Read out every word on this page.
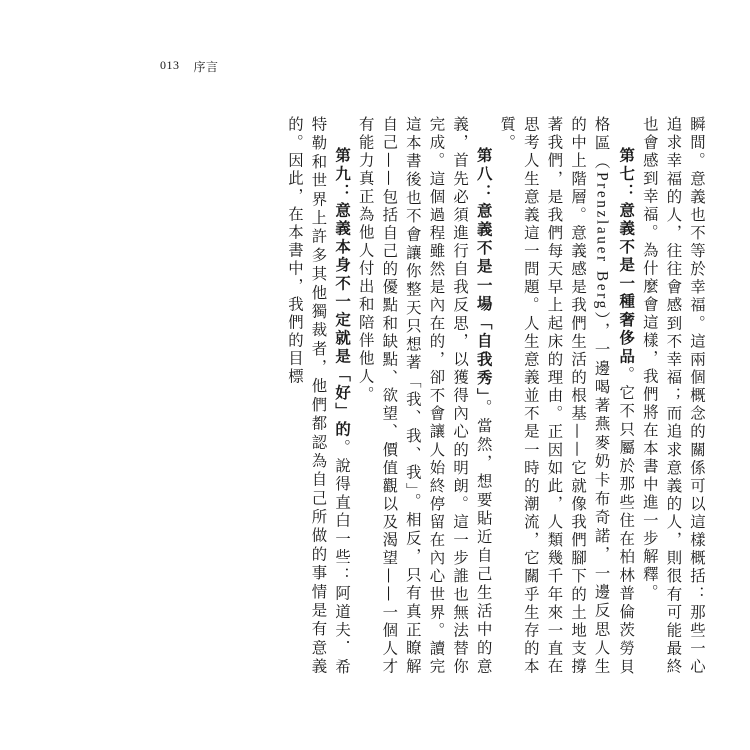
013 序言

瞬間。意義也不等於幸福。這兩個概念的關係可以這樣概括：那些一心追求幸福的人，往往會感到不幸福；而追求意義的人，則很有可能最終也會感到幸福。為什麼會這樣，我們將在本書中進一步解釋。

第七：意義不是一種奢侈品。它不只屬於那些住在柏林普倫茨勞貝格區（Prenzlauer Berg），一邊喝著燕麥奶卡布奇諾，一邊反思人生的中上階層。意義感是我們生活的根基——它就像我們腳下的土地支撐著我們，是我們每天早上起床的理由。正因如此，人類幾千年來一直在思考人生意義這一問題。人生意義並不是一時的潮流，它關乎生存的本質。

第八：意義不是一場「自我秀」。當然，想要貼近自己生活中的意義，首先必須進行自我反思，以獲得內心的明朗。這一步誰也無法替你完成。這個過程雖然是內在的，卻不會讓人始終停留在內心世界。讀完這本書後也不會讓你整天只想著「我、我、我」。相反，只有真正瞭解自己——包括自己的優點和缺點、欲望、價值觀以及渴望——一個人才有能力真正為他人付出和陪伴他人。

第九：意義本身不一定就是「好」的。說得直白一些：阿道夫．希特勒和世界上許多其他獨裁者，他們都認為自己所做的事情是有意義的。因此，在本書中，我們的目標
